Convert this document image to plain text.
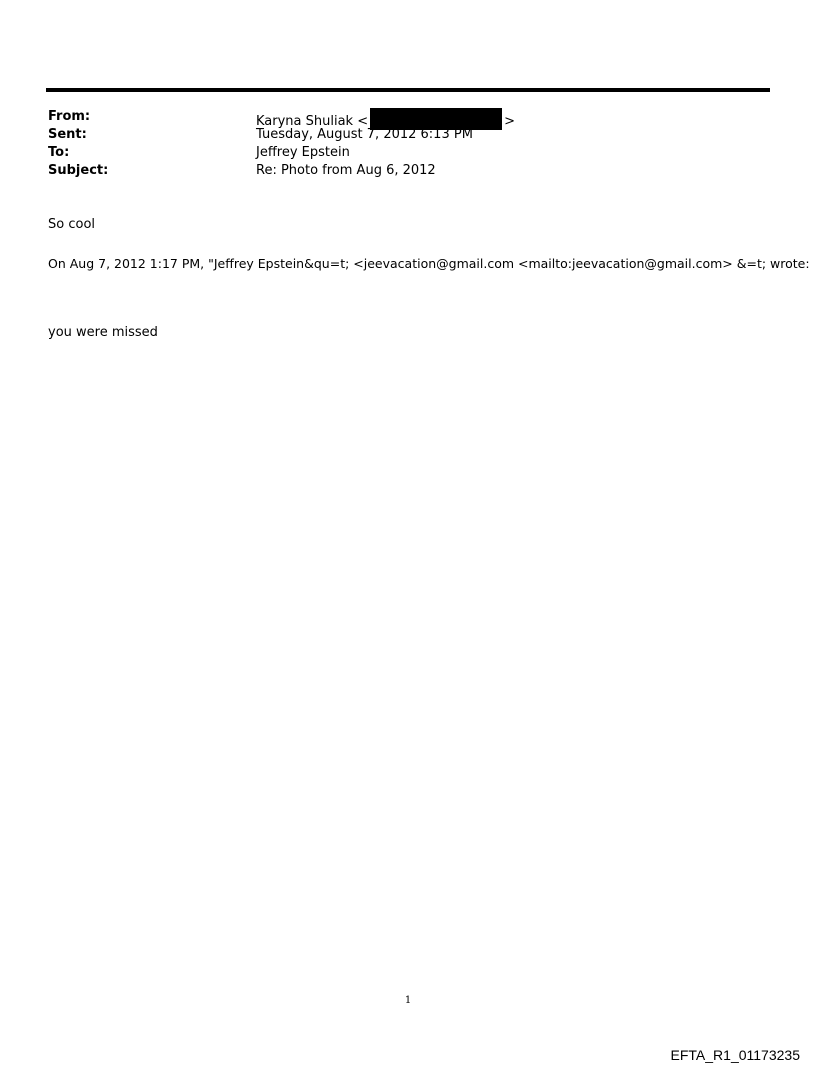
From:	Karyna Shuliak <	>
Sent:	Tuesday, August 7, 2012 6:13 PM
To:	Jeffrey Epstein
Subject:	Re: Photo from Aug 6, 2012
So cool
On Aug 7, 2012 1:17 PM, "Jeffrey Epstein&qu=t; <jeevacation@gmail.com <mailto:jeevacation@gmail.com> &=t; wrote:
you were missed
1
EFTA_R1_01173235
